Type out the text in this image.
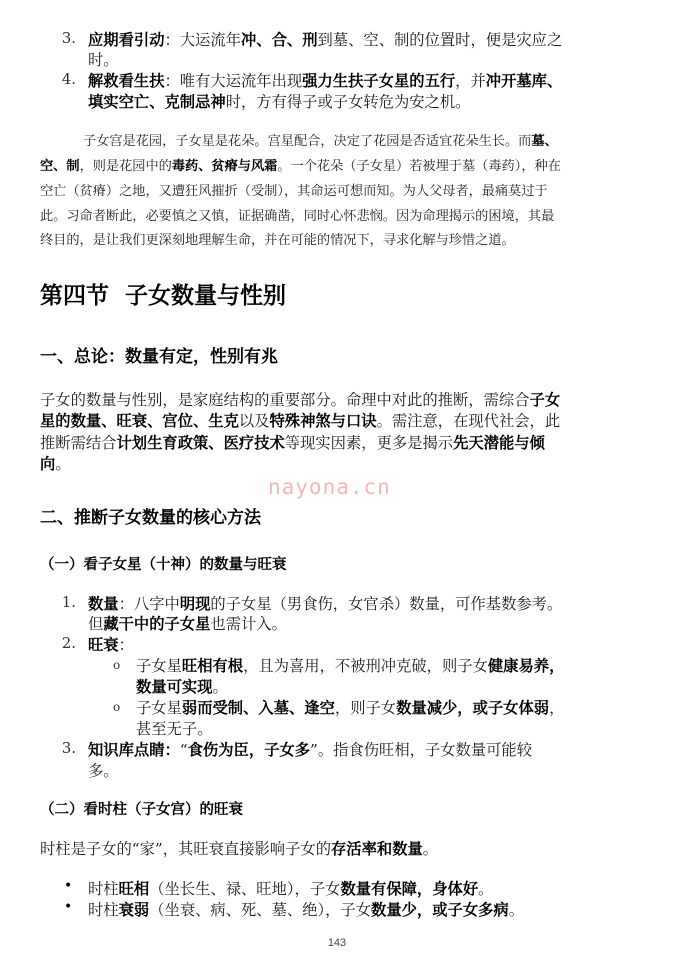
3. 应期看引动：大运流年冲、合、刑到墓、空、制的位置时，便是灾应之
时。
4. 解救看生扶：唯有大运流年出现强力生扶子女星的五行，并冲开墓库、
填实空亡、克制忌神时，方有得子或子女转危为安之机。
子女宫是花园，子女星是花朵。宫星配合，决定了花园是否适宜花朵生长。而墓、
空、制，则是花园中的毒药、贫瘠与风霜。一个花朵（子女星）若被埋于墓（毒药），种在
空亡（贫瘠）之地，又遭狂风摧折（受制），其命运可想而知。为人父母者，最痛莫过于
此。习命者断此，必要慎之又慎，证据确凿，同时心怀悲悯。因为命理揭示的困境，其最
终目的，是让我们更深刻地理解生命，并在可能的情况下，寻求化解与珍惜之道。
第四节  子女数量与性别
一、总论：数量有定，性别有兆
子女的数量与性别，是家庭结构的重要部分。命理中对此的推断，需综合子女
星的数量、旺衰、宫位、生克以及特殊神煞与口诀。需注意，在现代社会，此
推断需结合计划生育政策、医疗技术等现实因素，更多是揭示先天潜能与倾
向。
nayona.cn
二、推断子女数量的核心方法
（一）看子女星（十神）的数量与旺衰
1. 数量：八字中明现的子女星（男食伤，女官杀）数量，可作基数参考。
但藏干中的子女星也需计入。
2. 旺衰：
o 子女星旺相有根，且为喜用，不被刑冲克破，则子女健康易养，
数量可实现。
o 子女星弱而受制、入墓、逢空，则子女数量减少，或子女体弱，
甚至无子。
3. 知识库点睛：“食伤为臣，子女多”。指食伤旺相，子女数量可能较
多。
（二）看时柱（子女宫）的旺衰
时柱是子女的“家”，其旺衰直接影响子女的存活率和数量。
• 时柱旺相（坐长生、禄、旺地），子女数量有保障，身体好。
• 时柱衰弱（坐衰、病、死、墓、绝），子女数量少，或子女多病。
143
